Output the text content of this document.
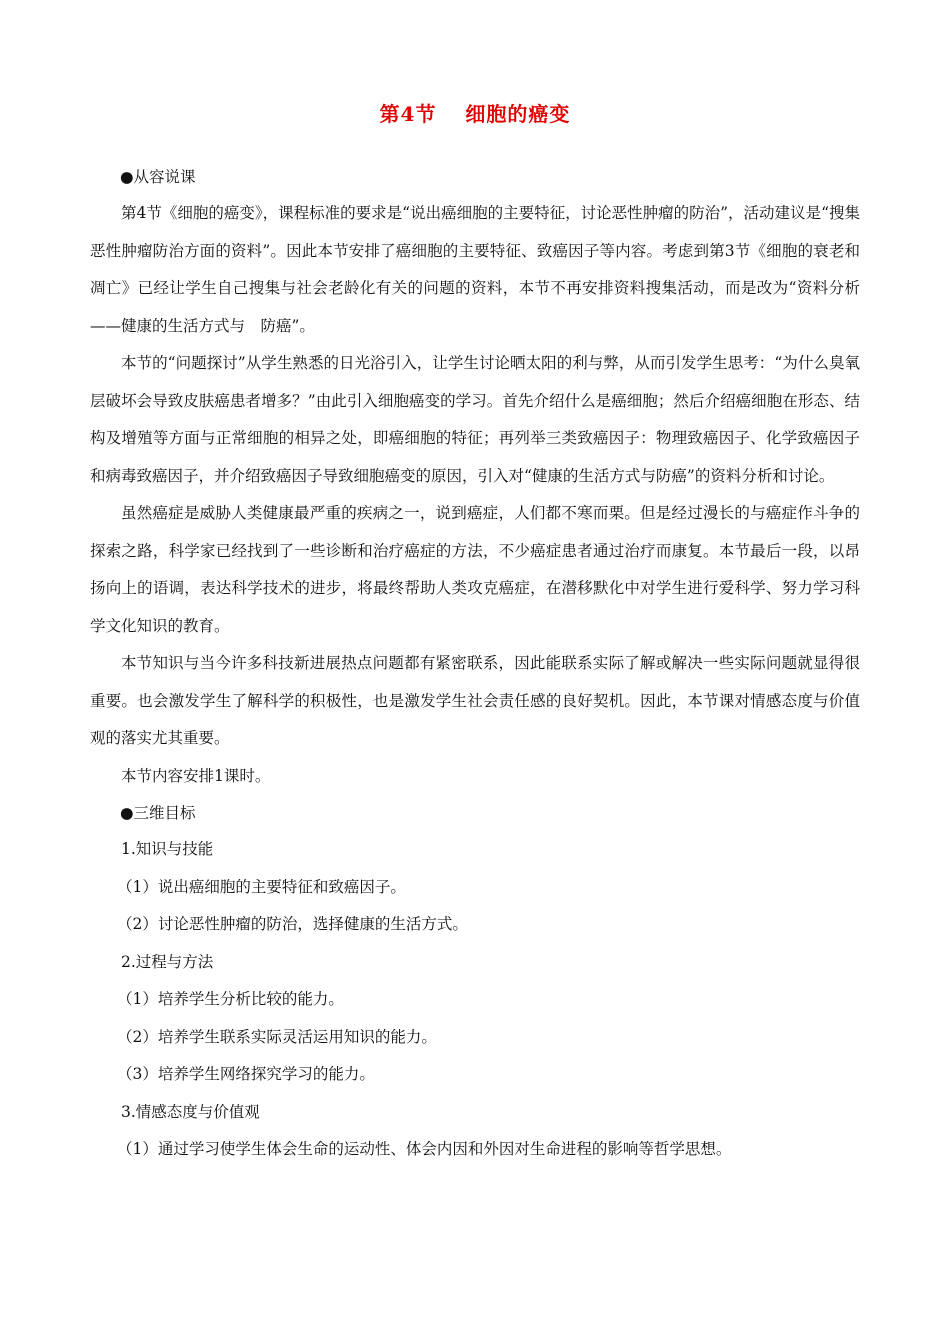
第4节　 细胞的癌变
●从容说课

第4节《细胞的癌变》，课程标准的要求是“说出癌细胞的主要特征，讨论恶性肿瘤的防治”，活动建议是“搜集恶性肿瘤防治方面的资料”。因此本节安排了癌细胞的主要特征、致癌因子等内容。考虑到第3节《细胞的衰老和凋亡》已经让学生自己搜集与社会老龄化有关的问题的资料，本节不再安排资料搜集活动，而是改为“资料分析——健康的生活方式与　防癌”。

本节的“问题探讨”从学生熟悉的日光浴引入，让学生讨论晒太阳的利与弊，从而引发学生思考：“为什么臭氧层破坏会导致皮肤癌患者增多？”由此引入细胞癌变的学习。首先介绍什么是癌细胞；然后介绍癌细胞在形态、结构及增殖等方面与正常细胞的相异之处，即癌细胞的特征；再列举三类致癌因子：物理致癌因子、化学致癌因子和病毒致癌因子，并介绍致癌因子导致细胞癌变的原因，引入对“健康的生活方式与防癌”的资料分析和讨论。

虽然癌症是威胁人类健康最严重的疾病之一，说到癌症，人们都不寒而栗。但是经过漫长的与癌症作斗争的探索之路，科学家已经找到了一些诊断和治疗癌症的方法，不少癌症患者通过治疗而康复。本节最后一段，以昂扬向上的语调，表达科学技术的进步，将最终帮助人类攻克癌症，在潜移默化中对学生进行爱科学、努力学习科学文化知识的教育。

本节知识与当今许多科技新进展热点问题都有紧密联系，因此能联系实际了解或解决一些实际问题就显得很重要。也会激发学生了解科学的积极性，也是激发学生社会责任感的良好契机。因此，本节课对情感态度与价值观的落实尤其重要。

本节内容安排1课时。

●三维目标
1.知识与技能
（1）说出癌细胞的主要特征和致癌因子。
（2）讨论恶性肿瘤的防治，选择健康的生活方式。
2.过程与方法
（1）培养学生分析比较的能力。
（2）培养学生联系实际灵活运用知识的能力。
（3）培养学生网络探究学习的能力。
3.情感态度与价值观
（1）通过学习使学生体会生命的运动性、体会内因和外因对生命进程的影响等哲学思想。
